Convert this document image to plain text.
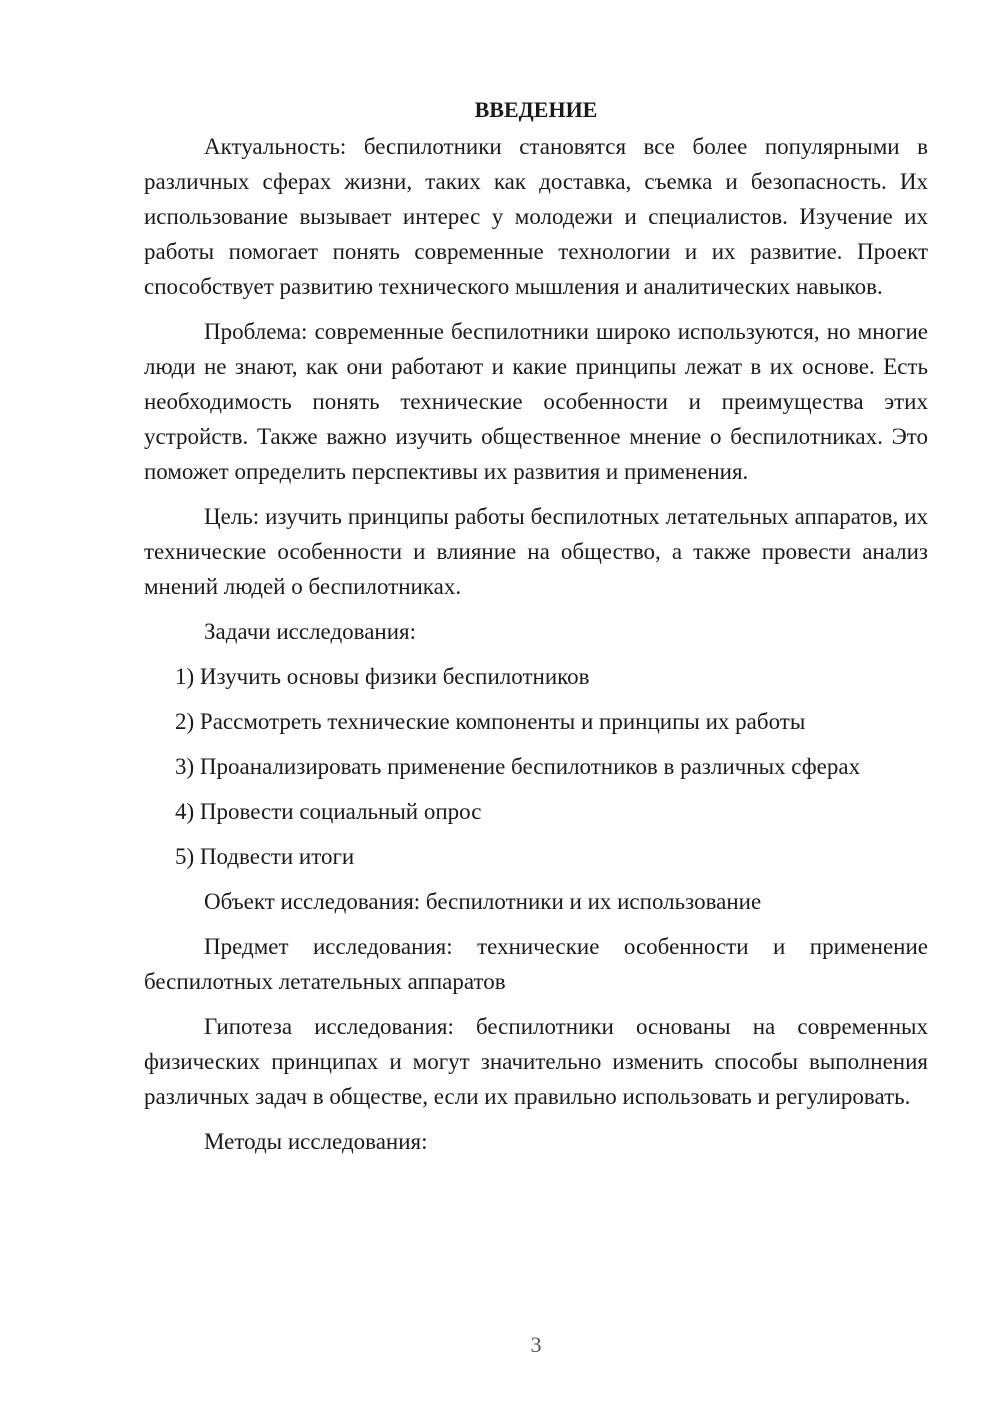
ВВЕДЕНИЕ

Актуальность: беспилотники становятся все более популярными в различных сферах жизни, таких как доставка, съемка и безопасность. Их использование вызывает интерес у молодежи и специалистов. Изучение их работы помогает понять современные технологии и их развитие. Проект способствует развитию технического мышления и аналитических навыков.

Проблема: современные беспилотники широко используются, но многие люди не знают, как они работают и какие принципы лежат в их основе. Есть необходимость понять технические особенности и преимущества этих устройств. Также важно изучить общественное мнение о беспилотниках. Это поможет определить перспективы их развития и применения.

Цель: изучить принципы работы беспилотных летательных аппаратов, их технические особенности и влияние на общество, а также провести анализ мнений людей о беспилотниках.

Задачи исследования:

1) Изучить основы физики беспилотников
2) Рассмотреть технические компоненты и принципы их работы
3) Проанализировать применение беспилотников в различных сферах
4) Провести социальный опрос
5) Подвести итоги

Объект исследования: беспилотники и их использование

Предмет исследования: технические особенности и применение беспилотных летательных аппаратов

Гипотеза исследования: беспилотники основаны на современных физических принципах и могут значительно изменить способы выполнения различных задач в обществе, если их правильно использовать и регулировать.

Методы исследования:

3
